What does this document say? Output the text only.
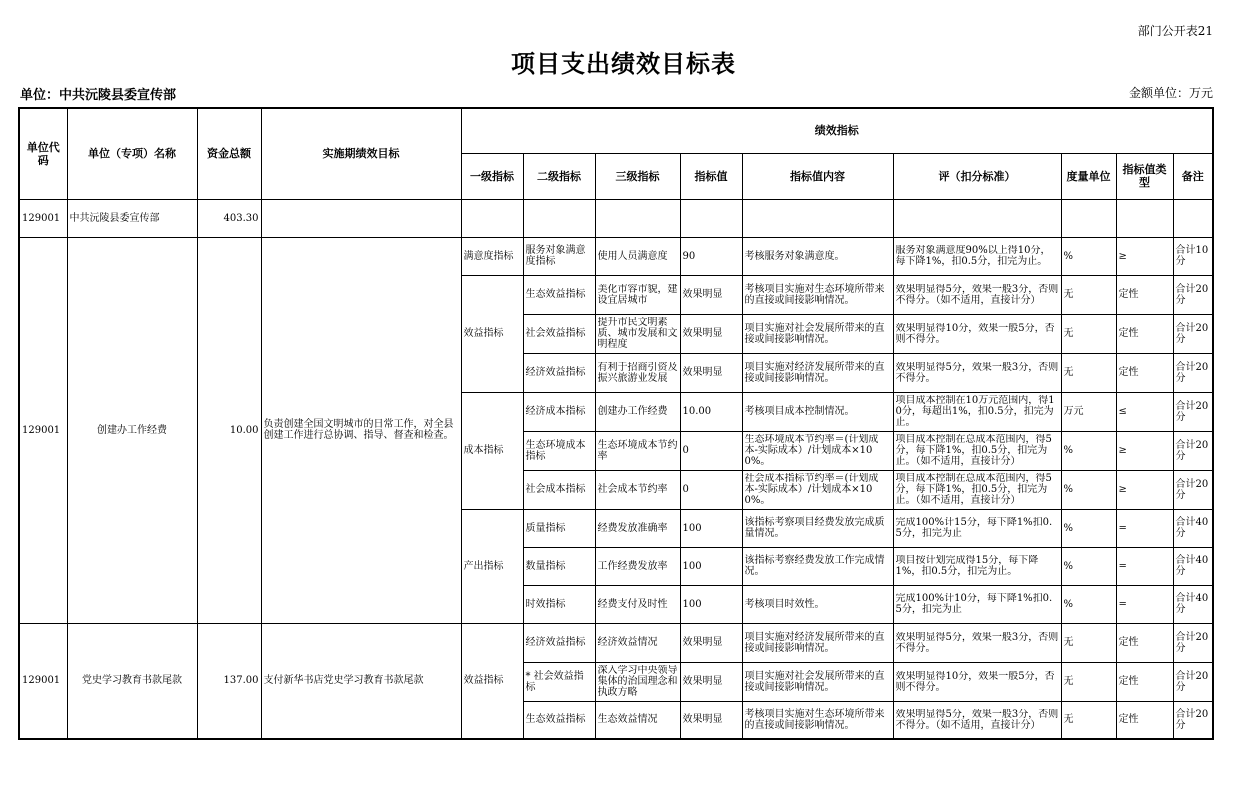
部门公开表21
项目支出绩效目标表
单位：中共沅陵县委宣传部	金额单位：万元
单位代码	单位（专项）名称	资金总额	实施期绩效目标	绩效指标								
				一级指标	二级指标	三级指标	指标值	指标值内容	评（扣分标准）	度量单位	指标值类型	备注
129001	中共沅陵县委宣传部	403.30										
129001	创建办工作经费	10.00	负责创建全国文明城市的日常工作，对全县创建工作进行总协调、指导、督查和检查。	满意度指标	服务对象满意度指标	使用人员满意度	90	考核服务对象满意度。	服务对象满意度90%以上得10分，每下降1%，扣0.5分，扣完为止。	%	≥	合计10分
				效益指标	生态效益指标	美化市容市貌，建设宜居城市	效果明显	考核项目实施对生态环境所带来的直接或间接影响情况。	效果明显得5分，效果一般3分，否则不得分。（如不适用，直接计分）	无	定性	合计20分
					社会效益指标	提升市民文明素质、城市发展和文明程度	效果明显	项目实施对社会发展所带来的直接或间接影响情况。	效果明显得10分，效果一般5分，否则不得分。	无	定性	合计20分
					经济效益指标	有利于招商引资及振兴旅游业发展	效果明显	项目实施对经济发展所带来的直接或间接影响情况。	效果明显得5分，效果一般3分，否则不得分。	无	定性	合计20分
				成本指标	经济成本指标	创建办工作经费	10.00	考核项目成本控制情况。	项目成本控制在10万元范围内，得10分，每超出1%，扣0.5分，扣完为止。	万元	≤	合计20分
					生态环境成本指标	生态环境成本节约率	0	生态环境成本节约率＝(计划成本-实际成本）/计划成本×100%。	项目成本控制在总成本范围内，得5分，每下降1%，扣0.5分，扣完为止。（如不适用，直接计分）	%	≥	合计20分
					社会成本指标	社会成本节约率	0	社会成本指标节约率＝(计划成本-实际成本）/计划成本×100%。	项目成本控制在总成本范围内，得5分，每下降1%，扣0.5分，扣完为止。（如不适用，直接计分）	%	≥	合计20分
				产出指标	质量指标	经费发放准确率	100	该指标考察项目经费发放完成质量情况。	完成100%计15分，每下降1%扣0.5分，扣完为止	%	=	合计40分
					数量指标	工作经费发放率	100	该指标考察经费发放工作完成情况。	项目按计划完成得15分，每下降1%，扣0.5分，扣完为止。	%	=	合计40分
					时效指标	经费支付及时性	100	考核项目时效性。	完成100%计10分，每下降1%扣0.5分，扣完为止	%	=	合计40分
129001	党史学习教育书款尾款	137.00	支付新华书店党史学习教育书款尾款	效益指标	经济效益指标	经济效益情况	效果明显	项目实施对经济发展所带来的直接或间接影响情况。	效果明显得5分，效果一般3分，否则不得分。	无	定性	合计20分
					* 社会效益指标	深入学习中央领导集体的治国理念和执政方略	效果明显	项目实施对社会发展所带来的直接或间接影响情况。	效果明显得10分，效果一般5分，否则不得分。	无	定性	合计20分
					生态效益指标	生态效益情况	效果明显	考核项目实施对生态环境所带来的直接或间接影响情况。	效果明显得5分，效果一般3分，否则不得分。（如不适用，直接计分）	无	定性	合计20分
